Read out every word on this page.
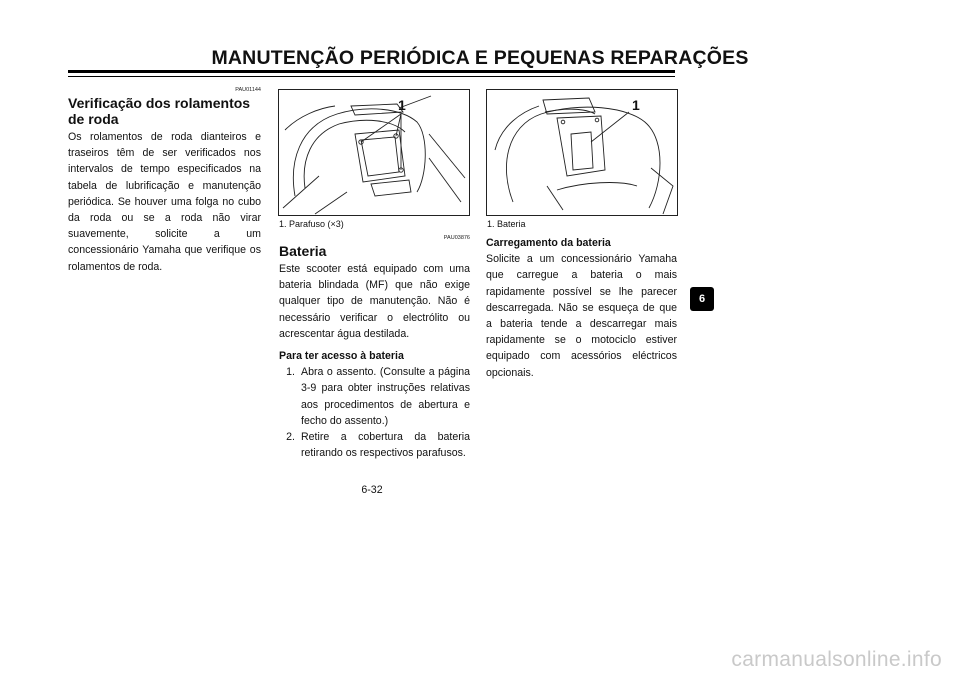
MANUTENÇÃO PERIÓDICA E PEQUENAS REPARAÇÕES
PAU01144
Verificação dos rolamentos de roda
Os rolamentos de roda dianteiros e traseiros têm de ser verificados nos intervalos de tempo especificados na tabela de lubrificação e manutenção periódica. Se houver uma folga no cubo da roda ou se a roda não virar suavemente, solicite a um concessionário Yamaha que verifique os rolamentos de roda.
1
1. Parafuso (×3)
PAU03876
Bateria
Este scooter está equipado com uma bateria blindada (MF) que não exige qualquer tipo de manutenção. Não é necessário verificar o electrólito ou acrescentar água destilada.
Para ter acesso à bateria
1. Abra o assento. (Consulte a página 3-9 para obter instruções relativas aos procedimentos de abertura e fecho do assento.)
2. Retire a cobertura da bateria retirando os respectivos parafusos.
1
1. Bateria
Carregamento da bateria
Solicite a um concessionário Yamaha que carregue a bateria o mais rapidamente possível se lhe parecer descarregada. Não se esqueça de que a bateria tende a descarregar mais rapidamente se o motociclo estiver equipado com acessórios eléctricos opcionais.
6
6-32
carmanualsonline.info
